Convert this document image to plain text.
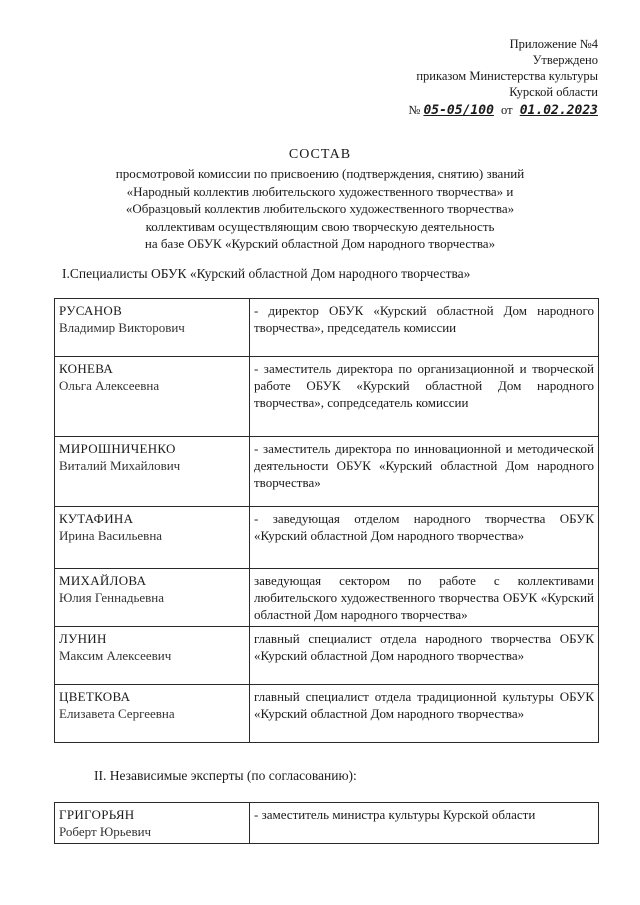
Приложение №4
Утверждено
приказом Министерства культуры
Курской области
№ 05-05/100 от 01.02.2023
СОСТАВ
просмотровой комиссии по присвоению (подтверждения, снятию) званий
«Народный коллектив любительского художественного творчества» и
«Образцовый коллектив любительского художественного творчества»
коллективам осуществляющим свою творческую деятельность
на базе ОБУК «Курский областной Дом народного творчества»
I.Специалисты ОБУК «Курский областной Дом народного творчества»
РУСАНОВ
Владимир Викторович	- директор ОБУК «Курский областной Дом народного творчества», председатель комиссии

КОНЕВА
Ольга Алексеевна	- заместитель директора по организационной и творческой работе ОБУК «Курский областной Дом народного творчества», сопредседатель комиссии

МИРОШНИЧЕНКО
Виталий Михайлович	- заместитель директора по инновационной и методической деятельности ОБУК «Курский областной Дом народного творчества»

КУТАФИНА
Ирина Васильевна	- заведующая отделом народного творчества ОБУК «Курский областной Дом народного творчества»

МИХАЙЛОВА
Юлия Геннадьевна	заведующая сектором по работе с коллективами любительского художественного творчества ОБУК «Курский областной Дом народного творчества»

ЛУНИН
Максим Алексеевич	главный специалист отдела народного творчества ОБУК «Курский областной Дом народного творчества»

ЦВЕТКОВА
Елизавета Сергеевна	главный специалист отдела традиционной культуры ОБУК «Курский областной Дом народного творчества»
II. Независимые эксперты (по согласованию):
ГРИГОРЬЯН
Роберт Юрьевич
	- заместитель министра культуры Курской области
